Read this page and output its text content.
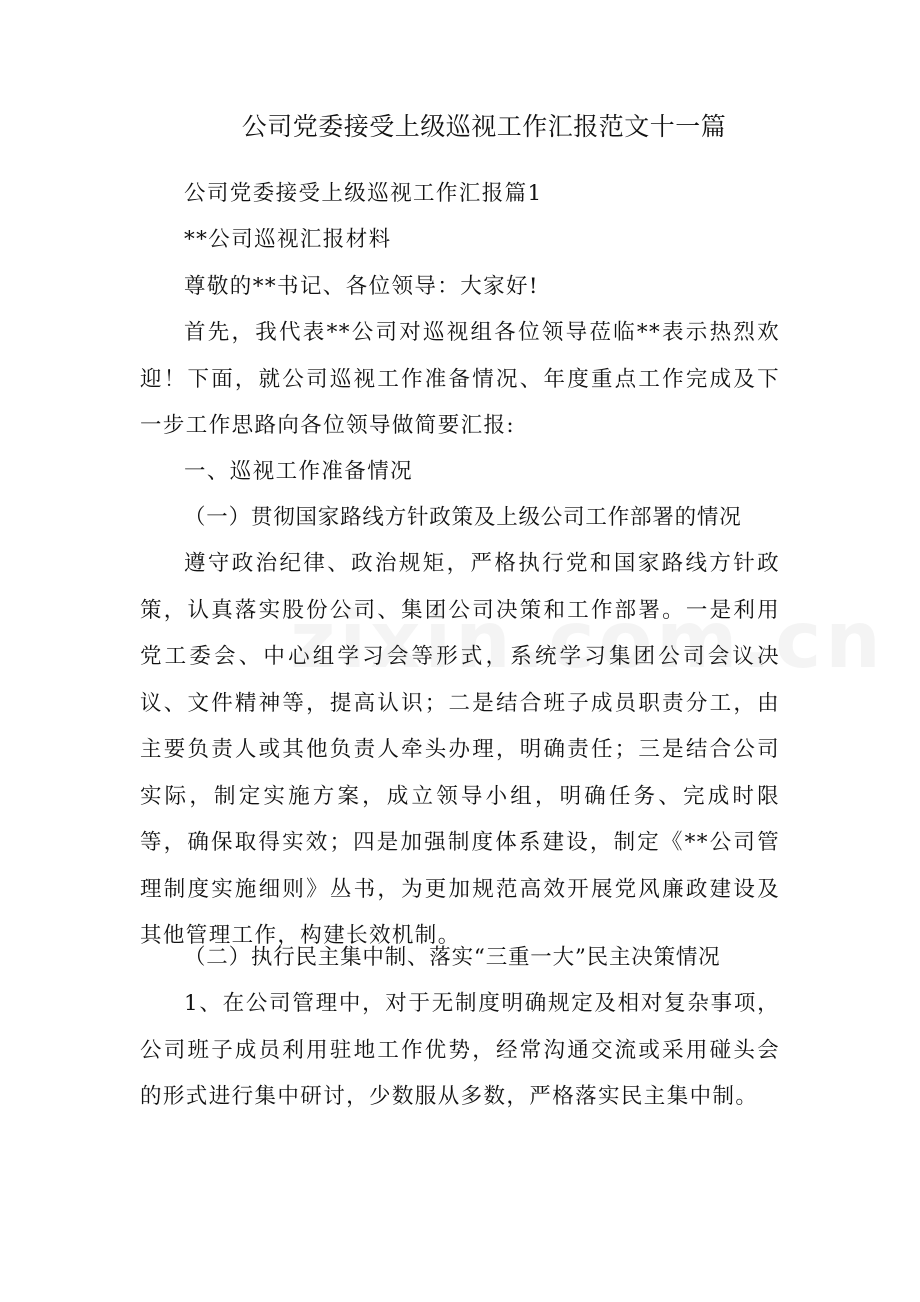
公司党委接受上级巡视工作汇报范文十一篇
公司党委接受上级巡视工作汇报篇1
**公司巡视汇报材料
尊敬的**书记、各位领导：大家好!
首先，我代表**公司对巡视组各位领导莅临**表示热烈欢迎！下面，就公司巡视工作准备情况、年度重点工作完成及下一步工作思路向各位领导做简要汇报:
一、巡视工作准备情况
（一）贯彻国家路线方针政策及上级公司工作部署的情况
遵守政治纪律、政治规矩，严格执行党和国家路线方针政策，认真落实股份公司、集团公司决策和工作部署。一是利用党工委会、中心组学习会等形式，系统学习集团公司会议决议、文件精神等，提高认识；二是结合班子成员职责分工，由主要负责人或其他负责人牵头办理，明确责任；三是结合公司实际，制定实施方案，成立领导小组，明确任务、完成时限等，确保取得实效；四是加强制度体系建设，制定《**公司管理制度实施细则》丛书，为更加规范高效开展党风廉政建设及其他管理工作，构建长效机制。
（二）执行民主集中制、落实“三重一大”民主决策情况
1、在公司管理中，对于无制度明确规定及相对复杂事项，公司班子成员利用驻地工作优势，经常沟通交流或采用碰头会的形式进行集中研讨，少数服从多数，严格落实民主集中制。
